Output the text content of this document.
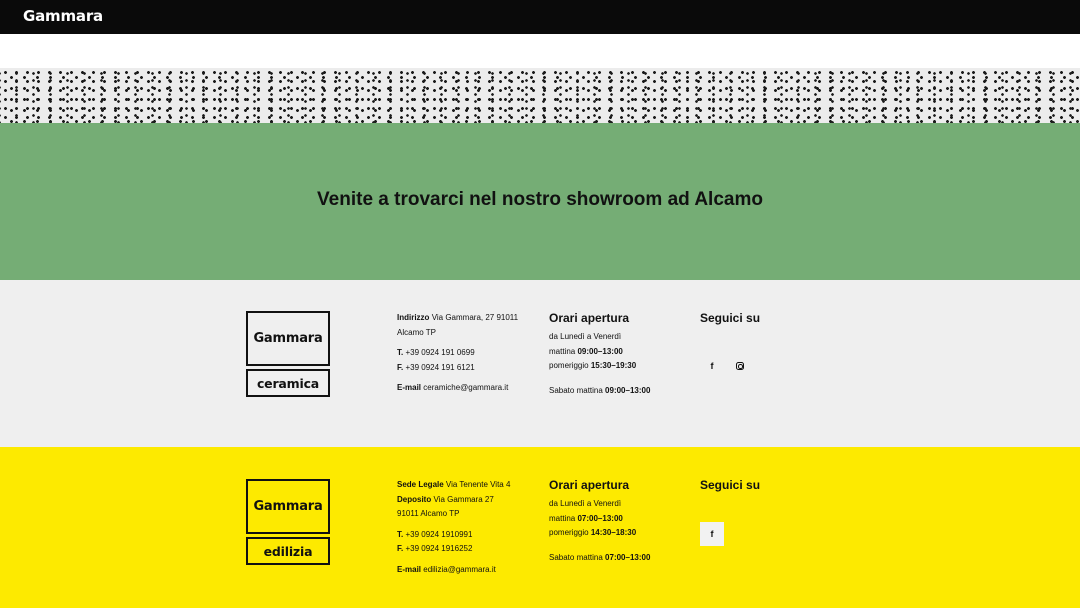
Gammara
Venite a trovarci nel nostro showroom ad Alcamo
Gammara
ceramica
Indirizzo Via Gammara, 27 91011
Alcamo TP
T. +39 0924 191 0699
F. +39 0924 191 6121
E-mail ceramiche@gammara.it
Orari apertura
da Lunedì a Venerdì
mattina 09:00–13:00
pomeriggio 15:30–19:30
Sabato mattina 09:00–13:00
Seguici su
f
Gammara
edilizia
Sede Legale Via Tenente Vita 4
Deposito Via Gammara 27
91011 Alcamo TP
T. +39 0924 1910991
F. +39 0924 1916252
E-mail edilizia@gammara.it
Orari apertura
da Lunedì a Venerdì
mattina 07:00–13:00
pomeriggio 14:30–18:30
Sabato mattina 07:00–13:00
Seguici su
f
